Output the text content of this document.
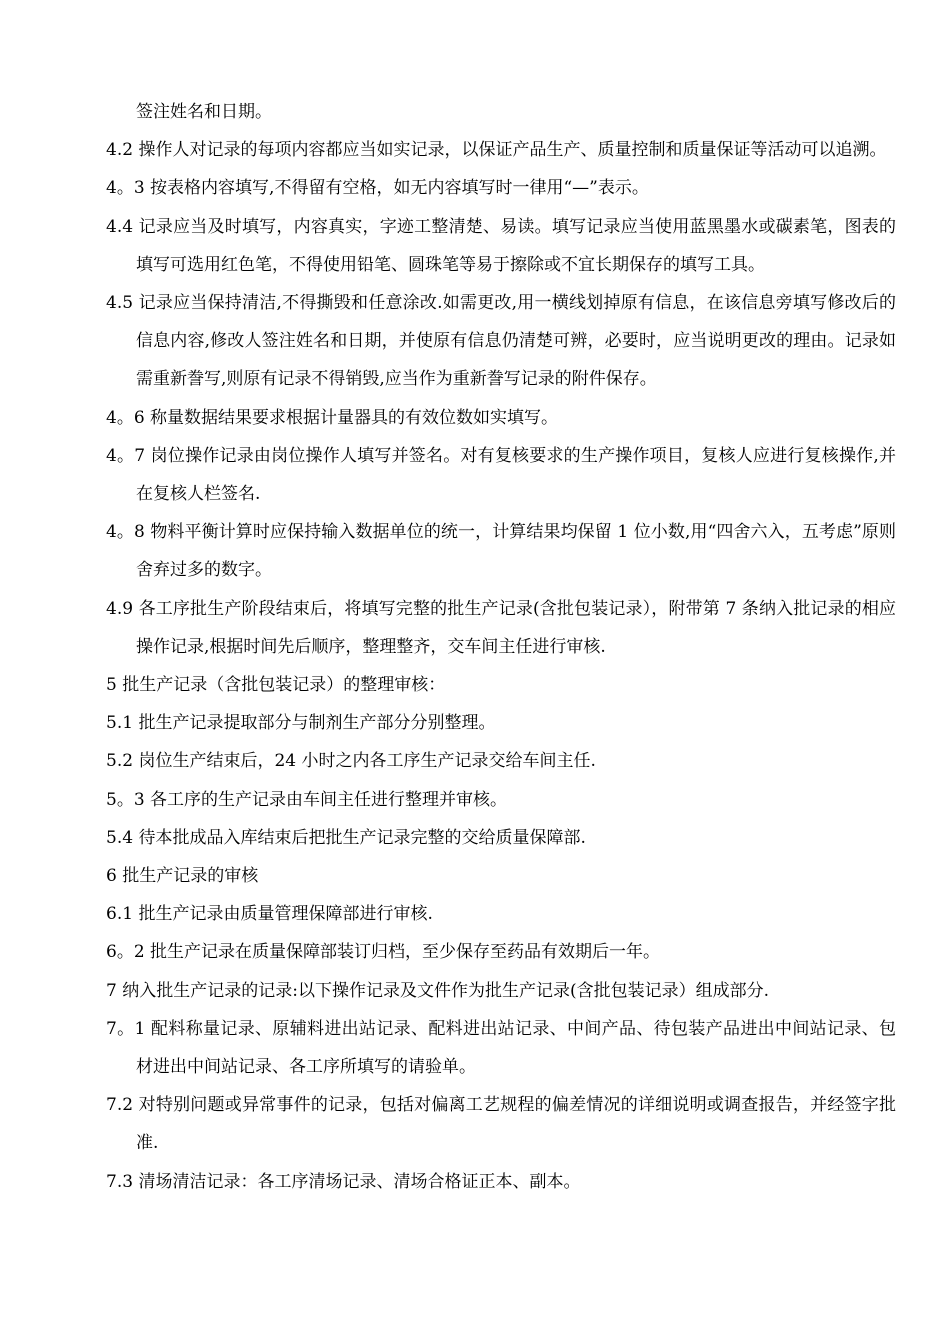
签注姓名和日期。

4.2 操作人对记录的每项内容都应当如实记录，以保证产品生产、质量控制和质量保证等活动可以追溯。

4。3 按表格内容填写,不得留有空格，如无内容填写时一律用“—”表示。

4.4 记录应当及时填写，内容真实，字迹工整清楚、易读。填写记录应当使用蓝黑墨水或碳素笔，图表的填写可选用红色笔，不得使用铅笔、圆珠笔等易于擦除或不宜长期保存的填写工具。

4.5 记录应当保持清洁,不得撕毁和任意涂改.如需更改,用一横线划掉原有信息，在该信息旁填写修改后的信息内容,修改人签注姓名和日期，并使原有信息仍清楚可辨，必要时，应当说明更改的理由。记录如需重新誊写,则原有记录不得销毁,应当作为重新誊写记录的附件保存。

4。6 称量数据结果要求根据计量器具的有效位数如实填写。

4。7 岗位操作记录由岗位操作人填写并签名。对有复核要求的生产操作项目，复核人应进行复核操作,并在复核人栏签名.

4。8 物料平衡计算时应保持输入数据单位的统一，计算结果均保留 1 位小数,用“四舍六入，五考虑”原则舍弃过多的数字。

4.9 各工序批生产阶段结束后，将填写完整的批生产记录(含批包装记录），附带第 7 条纳入批记录的相应操作记录,根据时间先后顺序，整理整齐，交车间主任进行审核.

5 批生产记录（含批包装记录）的整理审核：

5.1 批生产记录提取部分与制剂生产部分分别整理。

5.2 岗位生产结束后，24 小时之内各工序生产记录交给车间主任.

5。3 各工序的生产记录由车间主任进行整理并审核。

5.4 待本批成品入库结束后把批生产记录完整的交给质量保障部.

6 批生产记录的审核

6.1 批生产记录由质量管理保障部进行审核.

6。2 批生产记录在质量保障部装订归档，至少保存至药品有效期后一年。

7 纳入批生产记录的记录:以下操作记录及文件作为批生产记录(含批包装记录）组成部分.

7。1 配料称量记录、原辅料进出站记录、配料进出站记录、中间产品、待包装产品进出中间站记录、包材进出中间站记录、各工序所填写的请验单。

7.2 对特别问题或异常事件的记录，包括对偏离工艺规程的偏差情况的详细说明或调查报告，并经签字批准.

7.3 清场清洁记录：各工序清场记录、清场合格证正本、副本。
